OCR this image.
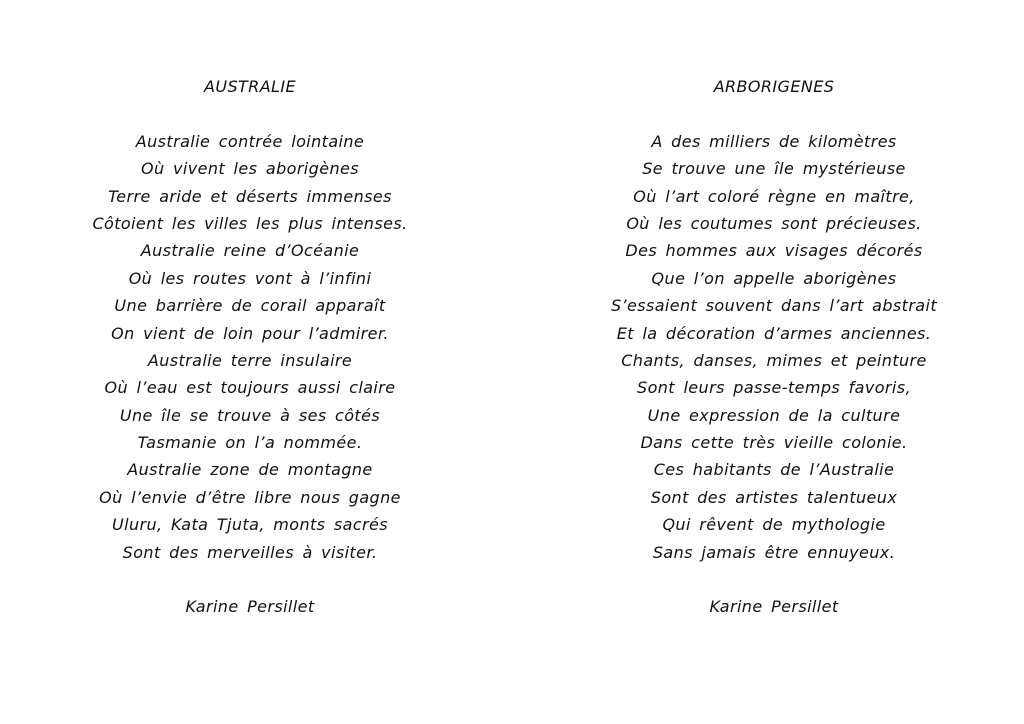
AUSTRALIE
Australie contrée lointaine
Où vivent les aborigènes
Terre aride et déserts immenses
Côtoient les villes les plus intenses.
Australie reine d’Océanie
Où les routes vont à l’infini
Une barrière de corail apparaît
On vient de loin pour l’admirer.
Australie terre insulaire
Où l’eau est toujours aussi claire
Une île se trouve à ses côtés
Tasmanie on l’a nommée.
Australie zone de montagne
Où l’envie d’être libre nous gagne
Uluru, Kata Tjuta, monts sacrés
Sont des merveilles à visiter.
Karine Persillet
ARBORIGENES
A des milliers de kilomètres
Se trouve une île mystérieuse
Où l’art coloré règne en maître,
Où les coutumes sont précieuses.
Des hommes aux visages décorés
Que l’on appelle aborigènes
S’essaient souvent dans l’art abstrait
Et la décoration d’armes anciennes.
Chants, danses, mimes et peinture
Sont leurs passe-temps favoris,
Une expression de la culture
Dans cette très vieille colonie.
Ces habitants de l’Australie
Sont des artistes talentueux
Qui rêvent de mythologie
Sans jamais être ennuyeux.
Karine Persillet
